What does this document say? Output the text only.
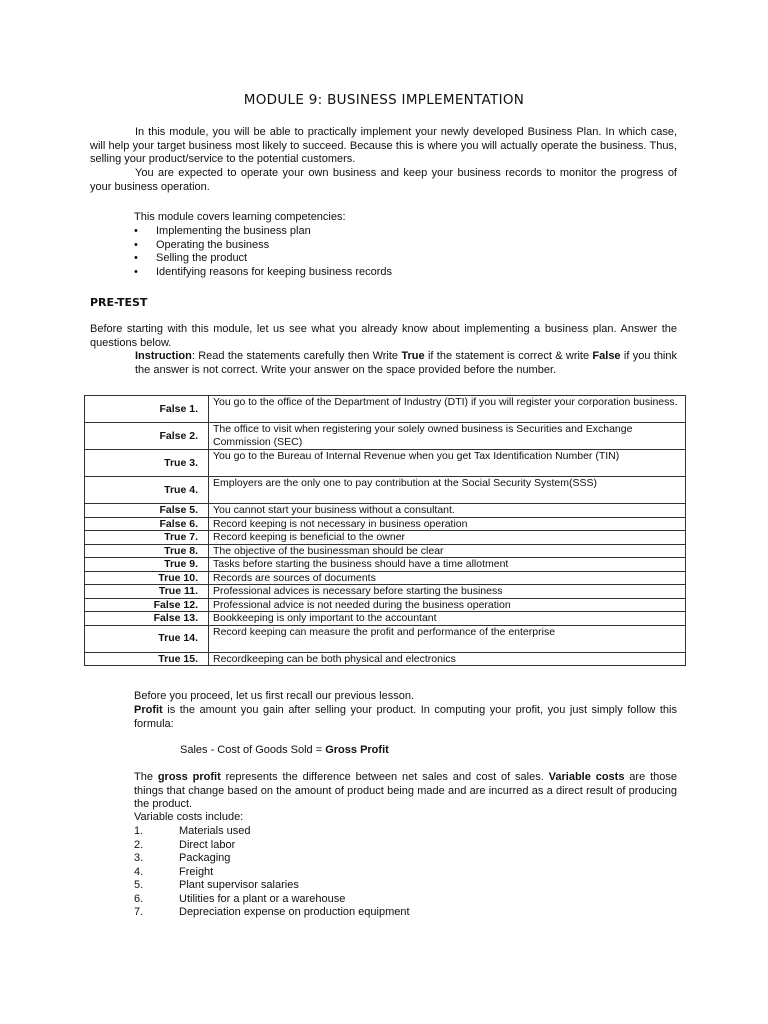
MODULE 9: BUSINESS IMPLEMENTATION
In this module, you will be able to practically implement your newly developed Business Plan. In which case, will help your target business most likely to succeed. Because this is where you will actually operate the business. Thus, selling your product/service to the potential customers.
You are expected to operate your own business and keep your business records to monitor the progress of your business operation.
This module covers learning competencies:
• Implementing the business plan
• Operating the business
• Selling the product
• Identifying reasons for keeping business records
PRE-TEST
Before starting with this module, let us see what you already know about implementing a business plan. Answer the questions below.
Instruction: Read the statements carefully then Write True if the statement is correct & write False if you think the answer is not correct. Write your answer on the space provided before the number.
False 1.	You go to the office of the Department of Industry (DTI) if you will register your corporation business.
False 2.	The office to visit when registering your solely owned business is Securities and Exchange Commission (SEC)
True 3.	You go to the Bureau of Internal Revenue when you get Tax Identification Number (TIN)
True 4.	Employers are the only one to pay contribution at the Social Security System(SSS)
False 5.	You cannot start your business without a consultant.
False 6.	Record keeping is not necessary in business operation
True 7.	Record keeping is beneficial to the owner
True 8.	The objective of the businessman should be clear
True 9.	Tasks before starting the business should have a time allotment
True 10.	Records are sources of documents
True 11.	Professional advices is necessary before starting the business
False 12.	Professional advice is not needed during the business operation
False 13.	Bookkeeping is only important to the accountant
True 14.	Record keeping can measure the profit and performance of the enterprise
True 15.	Recordkeeping can be both physical and electronics
Before you proceed, let us first recall our previous lesson.
Profit is the amount you gain after selling your product. In computing your profit, you just simply follow this formula:
Sales - Cost of Goods Sold = Gross Profit
The gross profit represents the difference between net sales and cost of sales. Variable costs are those things that change based on the amount of product being made and are incurred as a direct result of producing the product.
Variable costs include:
1.	Materials used
2.	Direct labor
3.	Packaging
4.	Freight
5.	Plant supervisor salaries
6.	Utilities for a plant or a warehouse
7.	Depreciation expense on production equipment
